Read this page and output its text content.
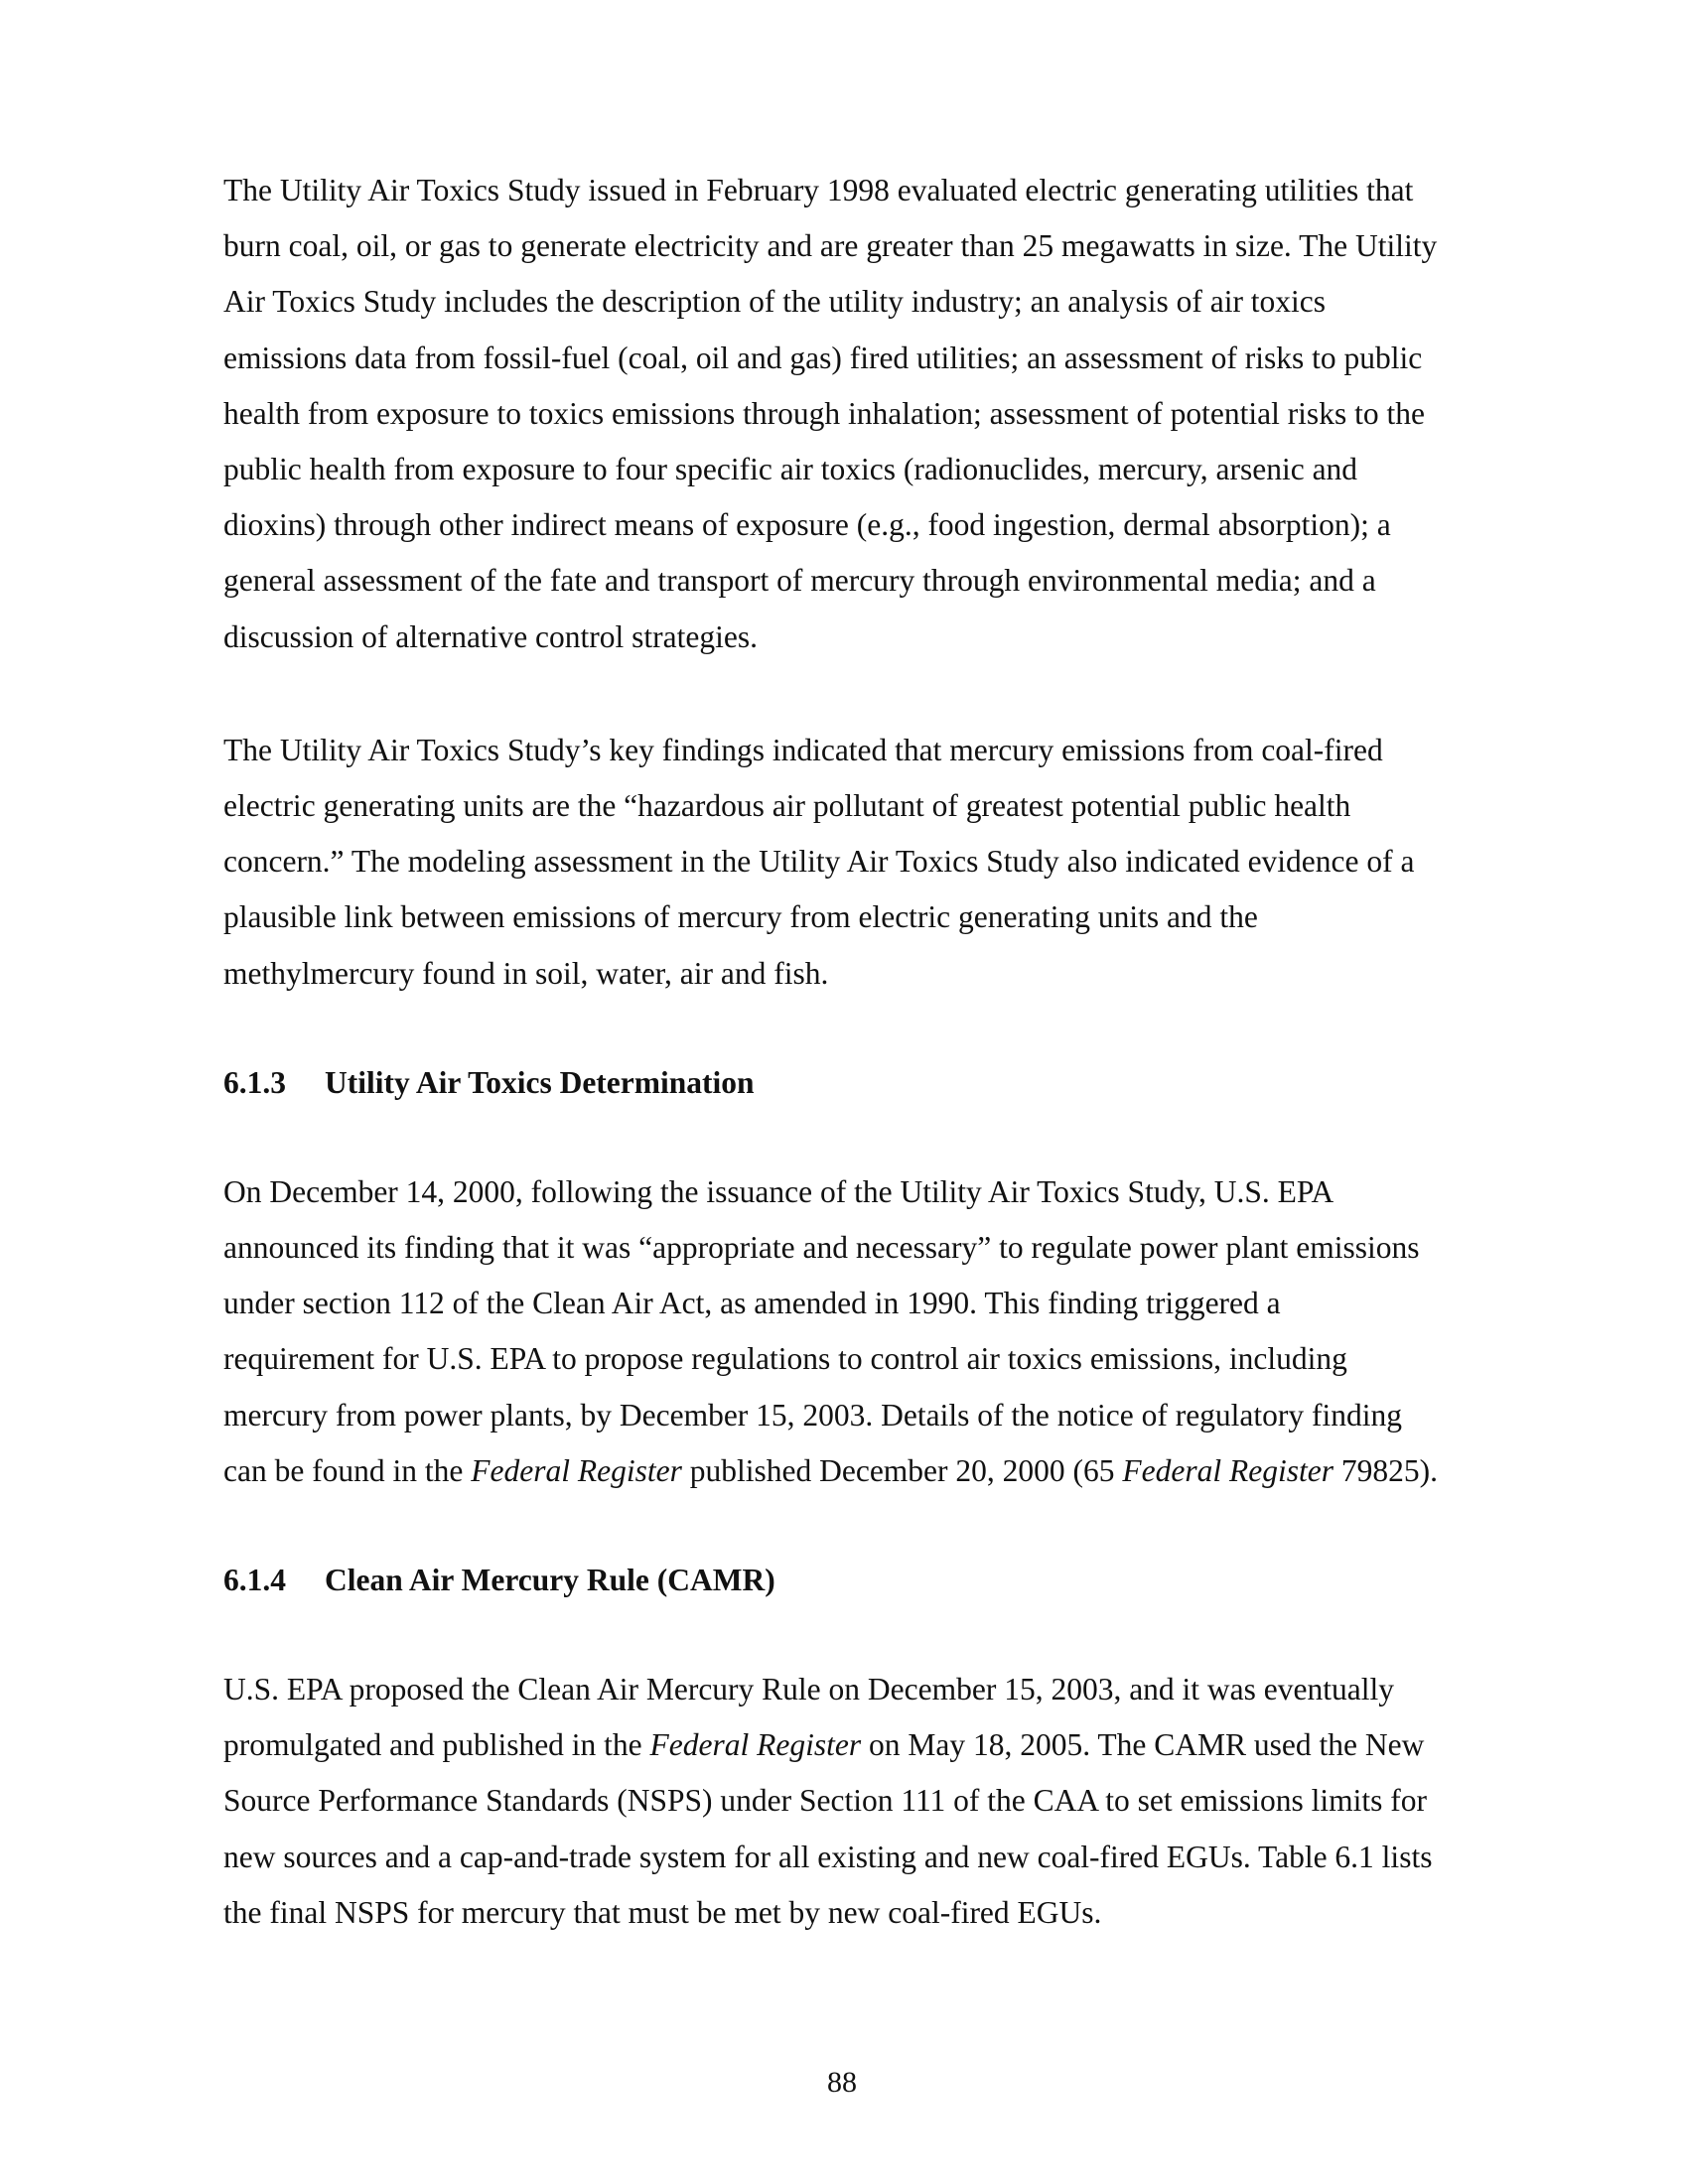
The Utility Air Toxics Study issued in February 1998 evaluated electric generating utilities that
burn coal, oil, or gas to generate electricity and are greater than 25 megawatts in size. The Utility
Air Toxics Study includes the description of the utility industry; an analysis of air toxics
emissions data from fossil-fuel (coal, oil and gas) fired utilities; an assessment of risks to public
health from exposure to toxics emissions through inhalation; assessment of potential risks to the
public health from exposure to four specific air toxics (radionuclides, mercury, arsenic and
dioxins) through other indirect means of exposure (e.g., food ingestion, dermal absorption); a
general assessment of the fate and transport of mercury through environmental media; and a
discussion of alternative control strategies.

The Utility Air Toxics Study’s key findings indicated that mercury emissions from coal-fired
electric generating units are the “hazardous air pollutant of greatest potential public health
concern.” The modeling assessment in the Utility Air Toxics Study also indicated evidence of a
plausible link between emissions of mercury from electric generating units and the
methylmercury found in soil, water, air and fish.

6.1.3 Utility Air Toxics Determination

On December 14, 2000, following the issuance of the Utility Air Toxics Study, U.S. EPA
announced its finding that it was “appropriate and necessary” to regulate power plant emissions
under section 112 of the Clean Air Act, as amended in 1990. This finding triggered a
requirement for U.S. EPA to propose regulations to control air toxics emissions, including
mercury from power plants, by December 15, 2003. Details of the notice of regulatory finding
can be found in the Federal Register published December 20, 2000 (65 Federal Register 79825).

6.1.4 Clean Air Mercury Rule (CAMR)

U.S. EPA proposed the Clean Air Mercury Rule on December 15, 2003, and it was eventually
promulgated and published in the Federal Register on May 18, 2005. The CAMR used the New
Source Performance Standards (NSPS) under Section 111 of the CAA to set emissions limits for
new sources and a cap-and-trade system for all existing and new coal-fired EGUs. Table 6.1 lists
the final NSPS for mercury that must be met by new coal-fired EGUs.

88
